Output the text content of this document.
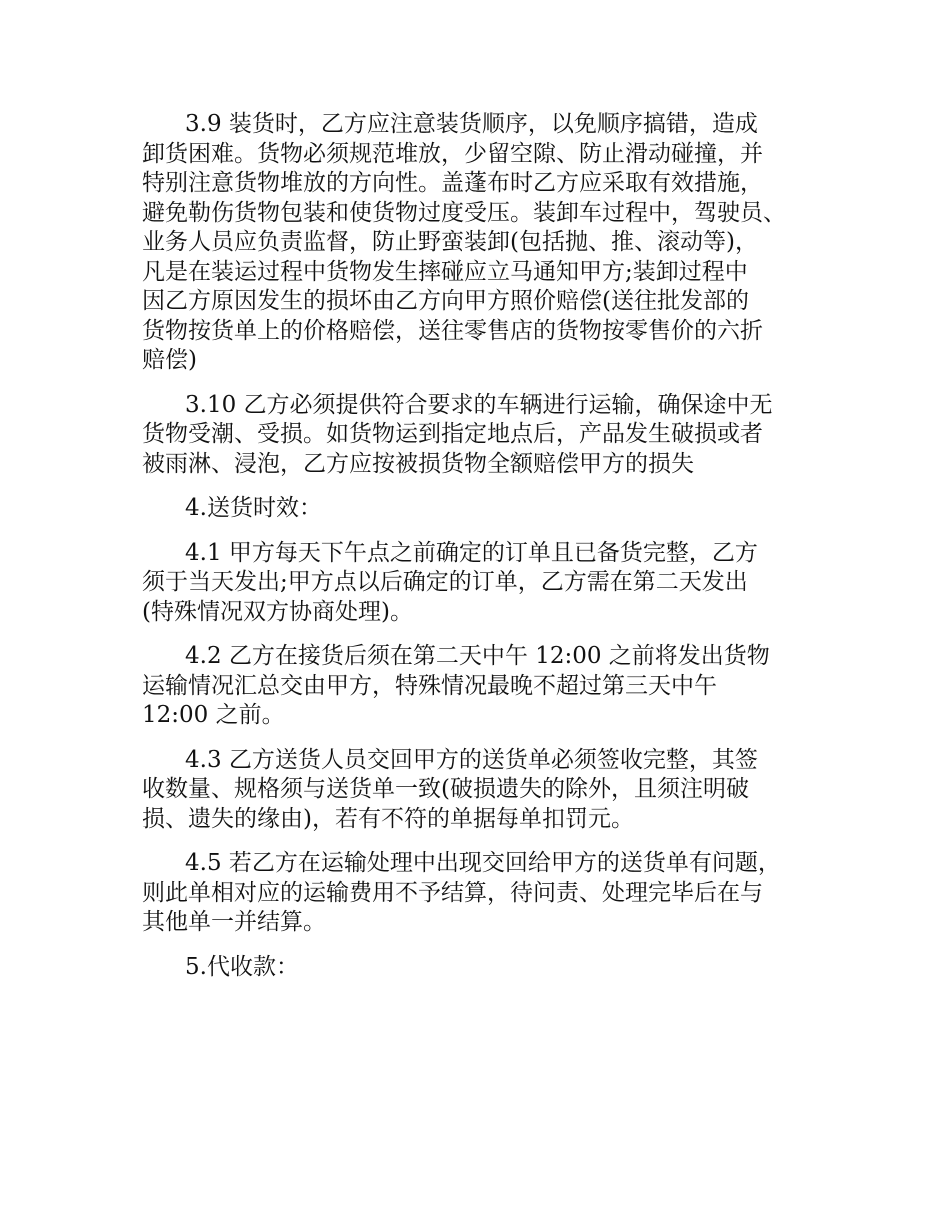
3.9 装货时，乙方应注意装货顺序，以免顺序搞错，造成
卸货困难。货物必须规范堆放，少留空隙、防止滑动碰撞，并
特别注意货物堆放的方向性。盖蓬布时乙方应采取有效措施，
避免勒伤货物包装和使货物过度受压。装卸车过程中，驾驶员、
业务人员应负责监督，防止野蛮装卸(包括抛、推、滚动等)，
凡是在装运过程中货物发生摔碰应立马通知甲方;装卸过程中
因乙方原因发生的损坏由乙方向甲方照价赔偿(送往批发部的
货物按货单上的价格赔偿，送往零售店的货物按零售价的六折
赔偿)
3.10 乙方必须提供符合要求的车辆进行运输，确保途中无
货物受潮、受损。如货物运到指定地点后，产品发生破损或者
被雨淋、浸泡，乙方应按被损货物全额赔偿甲方的损失
4.送货时效：
4.1 甲方每天下午点之前确定的订单且已备货完整，乙方
须于当天发出;甲方点以后确定的订单，乙方需在第二天发出
(特殊情况双方协商处理)。
4.2 乙方在接货后须在第二天中午 12:00 之前将发出货物
运输情况汇总交由甲方，特殊情况最晚不超过第三天中午
12:00 之前。
4.3 乙方送货人员交回甲方的送货单必须签收完整，其签
收数量、规格须与送货单一致(破损遗失的除外，且须注明破
损、遗失的缘由)，若有不符的单据每单扣罚元。
4.5 若乙方在运输处理中出现交回给甲方的送货单有问题，
则此单相对应的运输费用不予结算，待问责、处理完毕后在与
其他单一并结算。
5.代收款：
